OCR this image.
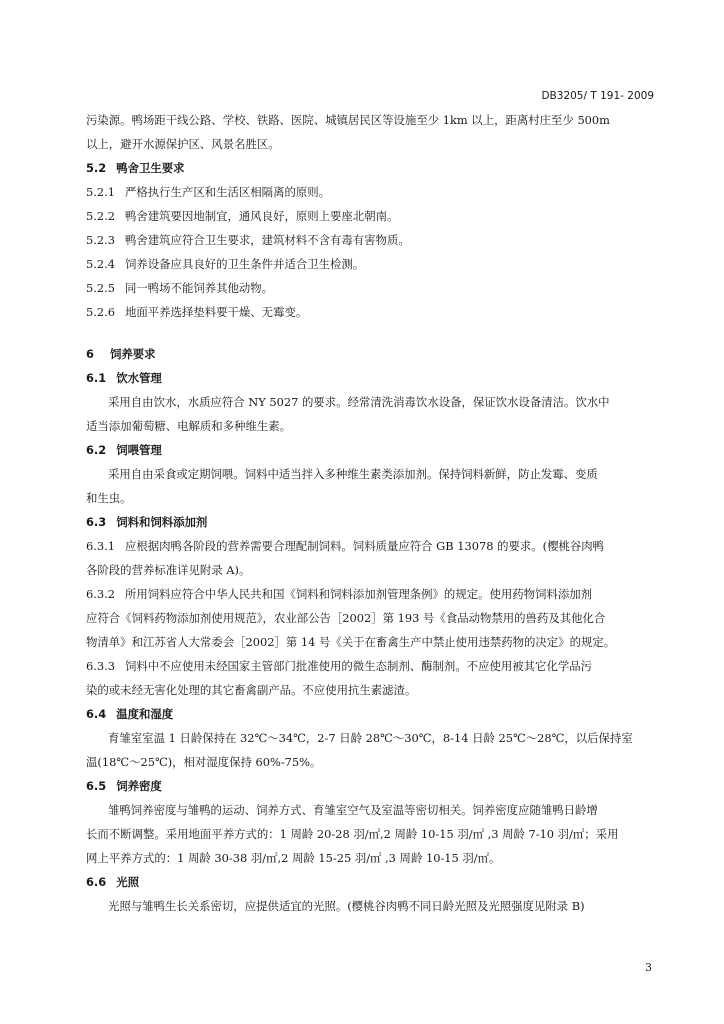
DB3205/ T 191- 2009
污染源。鸭场距干线公路、学校、铁路、医院、城镇居民区等设施至少 1km 以上，距离村庄至少 500m
以上，避开水源保护区、风景名胜区。
5.2 鸭舍卫生要求
5.2.1 严格执行生产区和生活区相隔离的原则。
5.2.2 鸭舍建筑要因地制宜，通风良好，原则上要座北朝南。
5.2.3 鸭舍建筑应符合卫生要求，建筑材料不含有毒有害物质。
5.2.4 饲养设备应具良好的卫生条件并适合卫生检测。
5.2.5 同一鸭场不能饲养其他动物。
5.2.6 地面平养选择垫料要干燥、无霉变。
6 饲养要求
6.1 饮水管理
采用自由饮水，水质应符合 NY 5027 的要求。经常清洗消毒饮水设备，保证饮水设备清洁。饮水中
适当添加葡萄糖、电解质和多种维生素。
6.2 饲喂管理
采用自由采食或定期饲喂。饲料中适当拌入多种维生素类添加剂。保持饲料新鲜，防止发霉、变质
和生虫。
6.3 饲料和饲料添加剂
6.3.1 应根据肉鸭各阶段的营养需要合理配制饲料。饲料质量应符合 GB 13078 的要求。(樱桃谷肉鸭
各阶段的营养标准详见附录 A)。
6.3.2 所用饲料应符合中华人民共和国《饲料和饲料添加剂管理条例》的规定。使用药物饲料添加剂
应符合《饲料药物添加剂使用规范》，农业部公告［2002］第 193 号《食品动物禁用的兽药及其他化合
物清单》和江苏省人大常委会［2002］第 14 号《关于在畜禽生产中禁止使用违禁药物的决定》的规定。
6.3.3 饲料中不应使用未经国家主管部门批准使用的微生态制剂、酶制剂。不应使用被其它化学品污
染的或未经无害化处理的其它畜禽副产品。不应使用抗生素滤渣。
6.4 温度和湿度
育雏室室温 1 日龄保持在 32℃～34℃，2-7 日龄 28℃～30℃，8-14 日龄 25℃～28℃，以后保持室
温(18℃～25℃)，相对湿度保持 60%-75%。
6.5 饲养密度
雏鸭饲养密度与雏鸭的运动、饲养方式、育雏室空气及室温等密切相关。饲养密度应随雏鸭日龄增
长而不断调整。采用地面平养方式的：1 周龄 20-28 羽/㎡,2 周龄 10-15 羽/㎡ ,3 周龄 7-10 羽/㎡；采用
网上平养方式的：1 周龄 30-38 羽/㎡,2 周龄 15-25 羽/㎡ ,3 周龄 10-15 羽/㎡。
6.6 光照
光照与雏鸭生长关系密切，应提供适宜的光照。(樱桃谷肉鸭不同日龄光照及光照强度见附录 B)
3
